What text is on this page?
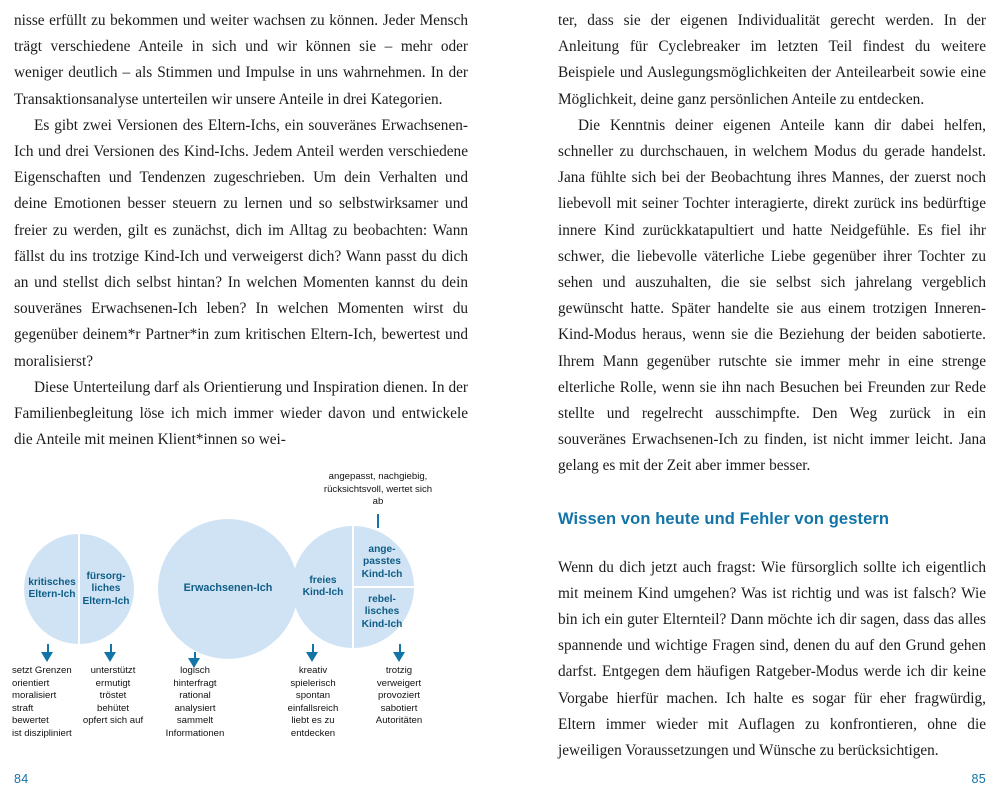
nisse erfüllt zu bekommen und weiter wachsen zu können. Jeder Mensch trägt verschiedene Anteile in sich und wir können sie – mehr oder weniger deutlich – als Stimmen und Impulse in uns wahrnehmen. In der Transaktionsanalyse unterteilen wir unsere Anteile in drei Kategorien.

Es gibt zwei Versionen des Eltern-Ichs, ein souveränes Erwachsenen-Ich und drei Versionen des Kind-Ichs. Jedem Anteil werden verschiedene Eigenschaften und Tendenzen zugeschrieben. Um dein Verhalten und deine Emotionen besser steuern zu lernen und so selbstwirksamer und freier zu werden, gilt es zunächst, dich im Alltag zu beobachten: Wann fällst du ins trotzige Kind-Ich und verweigerst dich? Wann passt du dich an und stellst dich selbst hintan? In welchen Momenten kannst du dein souveränes Erwachsenen-Ich leben? In welchen Momenten wirst du gegenüber deinem*r Partner*in zum kritischen Eltern-Ich, bewertest und moralisierst?

Diese Unterteilung darf als Orientierung und Inspiration dienen. In der Familienbegleitung löse ich mich immer wieder davon und entwickele die Anteile mit meinen Klient*innen so wei-

angepasst, nachgiebig, rücksichtsvoll, wertet sich ab
kritisches
Eltern-Ich
fürsorg-
liches
Eltern-Ich
Erwachsenen-Ich
freies
Kind-Ich
ange-
passtes
Kind-Ich
rebel-
lisches
Kind-Ich
setzt Grenzen
orientiert
moralisiert
straft
bewertet
ist diszipliniert
unterstützt
ermutigt
tröstet
behütet
opfert sich auf
logisch
hinterfragt
rational
analysiert
sammelt
Informationen
kreativ
spielerisch
spontan
einfallsreich
liebt es zu
entdecken
trotzig
verweigert
provoziert
sabotiert
Autoritäten
84

ter, dass sie der eigenen Individualität gerecht werden. In der Anleitung für Cyclebreaker im letzten Teil findest du weitere Beispiele und Auslegungsmöglichkeiten der Anteilearbeit sowie eine Möglichkeit, deine ganz persönlichen Anteile zu entdecken.

Die Kenntnis deiner eigenen Anteile kann dir dabei helfen, schneller zu durchschauen, in welchem Modus du gerade handelst. Jana fühlte sich bei der Beobachtung ihres Mannes, der zuerst noch liebevoll mit seiner Tochter interagierte, direkt zurück ins bedürftige innere Kind zurückkatapultiert und hatte Neidgefühle. Es fiel ihr schwer, die liebevolle väterliche Liebe gegenüber ihrer Tochter zu sehen und auszuhalten, die sie selbst sich jahrelang vergeblich gewünscht hatte. Später handelte sie aus einem trotzigen Inneren-Kind-Modus heraus, wenn sie die Beziehung der beiden sabotierte. Ihrem Mann gegenüber rutschte sie immer mehr in eine strenge elterliche Rolle, wenn sie ihn nach Besuchen bei Freunden zur Rede stellte und regelrecht ausschimpfte. Den Weg zurück in ein souveränes Erwachsenen-Ich zu finden, ist nicht immer leicht. Jana gelang es mit der Zeit aber immer besser.

Wissen von heute und Fehler von gestern

Wenn du dich jetzt auch fragst: Wie fürsorglich sollte ich eigentlich mit meinem Kind umgehen? Was ist richtig und was ist falsch? Wie bin ich ein guter Elternteil? Dann möchte ich dir sagen, dass das alles spannende und wichtige Fragen sind, denen du auf den Grund gehen darfst. Entgegen dem häufigen Ratgeber-Modus werde ich dir keine Vorgabe hierfür machen. Ich halte es sogar für eher fragwürdig, Eltern immer wieder mit Auflagen zu konfrontieren, ohne die jeweiligen Voraussetzungen und Wünsche zu berücksichtigen.

85
